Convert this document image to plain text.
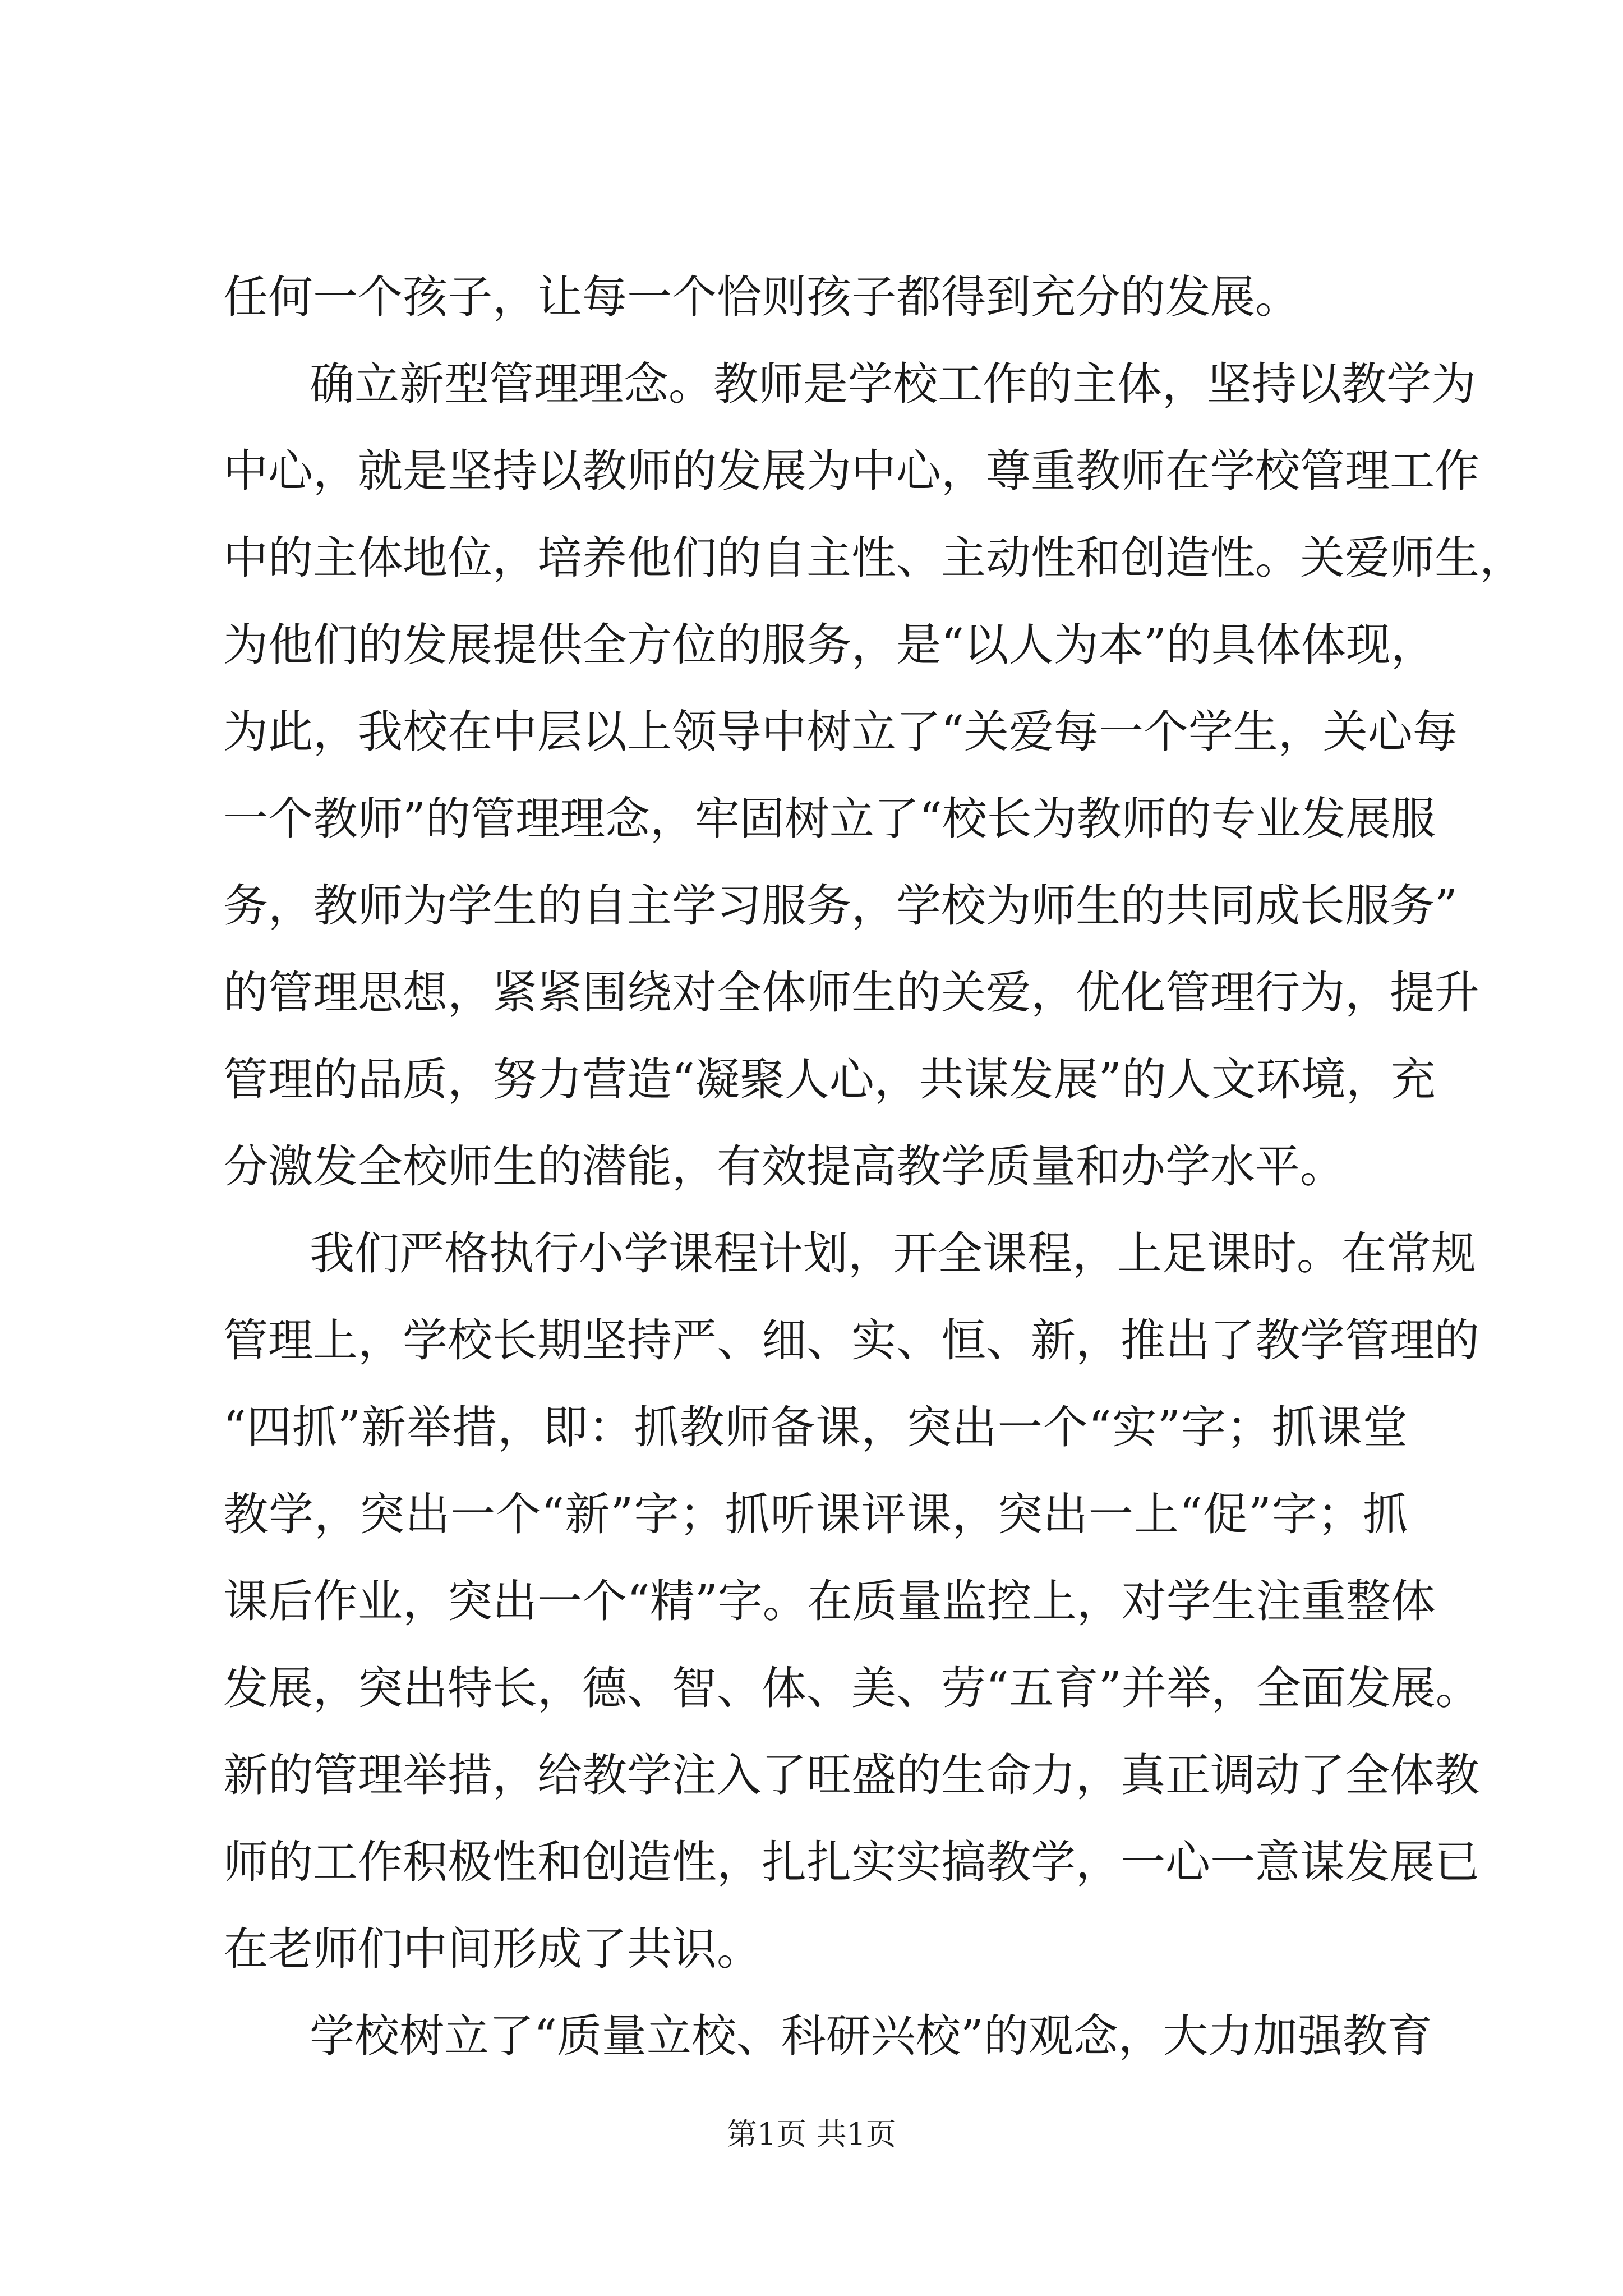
任何一个孩子，让每一个恰则孩子都得到充分的发展。
确立新型管理理念。教师是学校工作的主体，坚持以教学为
中心，就是坚持以教师的发展为中心，尊重教师在学校管理工作
中的主体地位，培养他们的自主性、主动性和创造性。关爱师生，
为他们的发展提供全方位的服务，是“以人为本”的具体体现，
为此，我校在中层以上领导中树立了“关爱每一个学生，关心每
一个教师”的管理理念，牢固树立了“校长为教师的专业发展服
务，教师为学生的自主学习服务，学校为师生的共同成长服务”
的管理思想，紧紧围绕对全体师生的关爱，优化管理行为，提升
管理的品质，努力营造“凝聚人心，共谋发展”的人文环境，充
分激发全校师生的潜能，有效提高教学质量和办学水平。
我们严格执行小学课程计划，开全课程，上足课时。在常规
管理上，学校长期坚持严、细、实、恒、新，推出了教学管理的
“四抓”新举措，即：抓教师备课，突出一个“实”字；抓课堂
教学，突出一个“新”字；抓听课评课，突出一上“促”字；抓
课后作业，突出一个“精”字。在质量监控上，对学生注重整体
发展，突出特长，德、智、体、美、劳“五育”并举，全面发展。
新的管理举措，给教学注入了旺盛的生命力，真正调动了全体教
师的工作积极性和创造性，扎扎实实搞教学，一心一意谋发展已
在老师们中间形成了共识。
学校树立了“质量立校、科研兴校”的观念，大力加强教育
第1页 共1页
